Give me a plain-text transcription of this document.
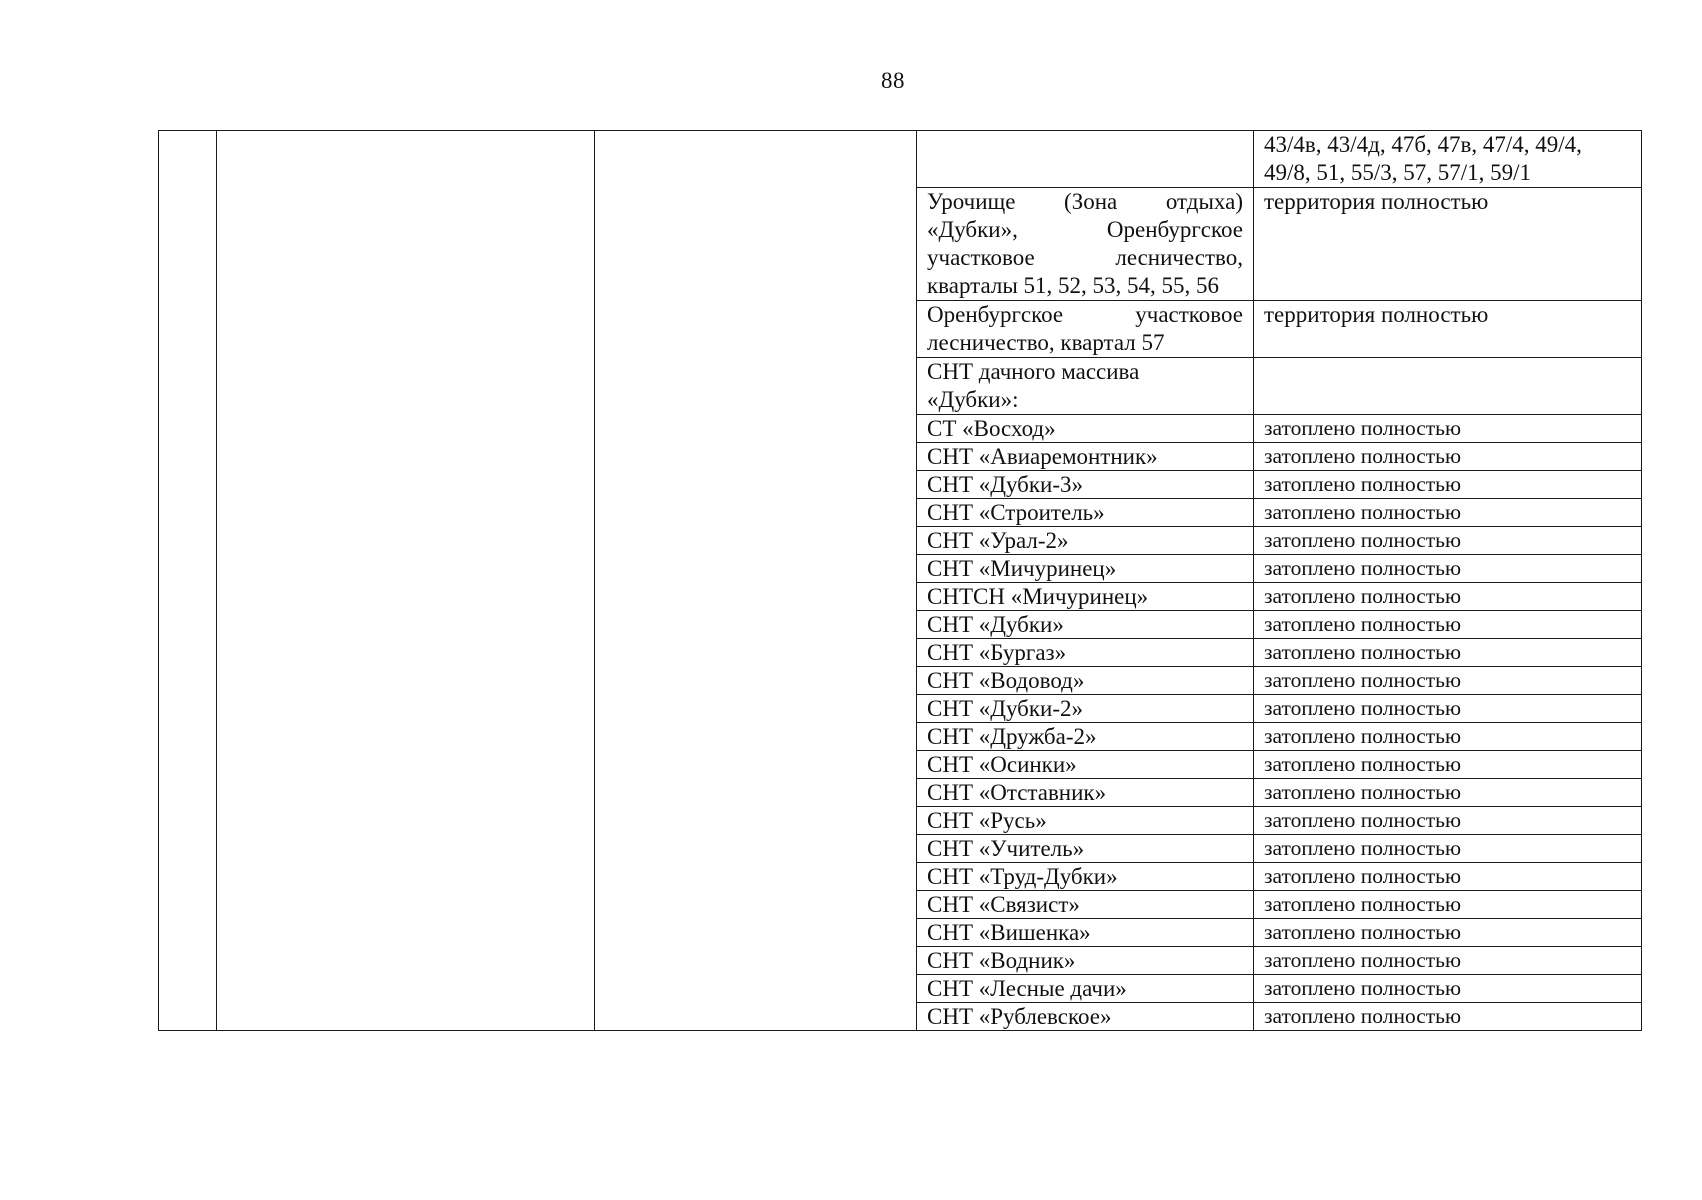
88

				43/4в, 43/4д, 47б, 47в, 47/4, 49/4,
49/8, 51, 55/3, 57, 57/1, 59/1

			Урочище (Зона отдыха)
«Дубки», Оренбургское
участковое лесничество,
кварталы 51, 52, 53, 54, 55, 56	территория полностью

			Оренбургское участковое
лесничество, квартал 57	территория полностью

			СНТ дачного массива
«Дубки»:	

			СТ «Восход»	затоплено полностью
			СНТ «Авиаремонтник»	затоплено полностью
			СНТ «Дубки-3»	затоплено полностью
			СНТ «Строитель»	затоплено полностью
			СНТ «Урал-2»	затоплено полностью
			СНТ «Мичуринец»	затоплено полностью
			СНТСН «Мичуринец»	затоплено полностью
			СНТ «Дубки»	затоплено полностью
			СНТ «Бургаз»	затоплено полностью
			СНТ «Водовод»	затоплено полностью
			СНТ «Дубки-2»	затоплено полностью
			СНТ «Дружба-2»	затоплено полностью
			СНТ «Осинки»	затоплено полностью
			СНТ «Отставник»	затоплено полностью
			СНТ «Русь»	затоплено полностью
			СНТ «Учитель»	затоплено полностью
			СНТ «Труд-Дубки»	затоплено полностью
			СНТ «Связист»	затоплено полностью
			СНТ «Вишенка»	затоплено полностью
			СНТ «Водник»	затоплено полностью
			СНТ «Лесные дачи»	затоплено полностью
			СНТ «Рублевское»	затоплено полностью
